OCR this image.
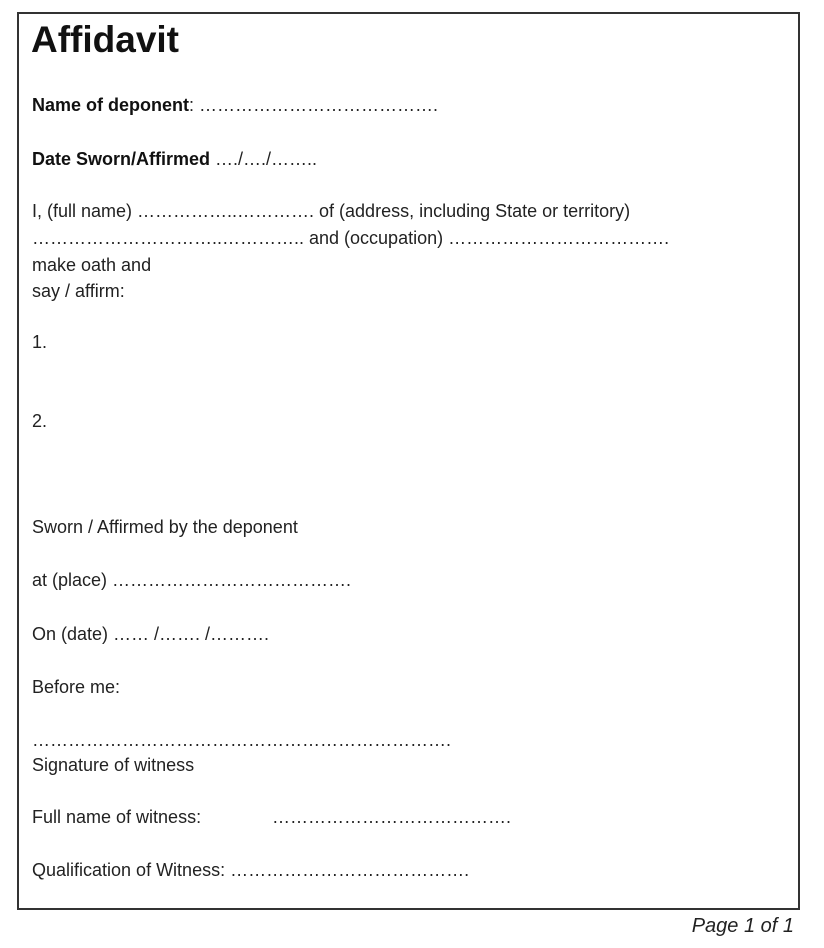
Affidavit
Name of deponent: ………………………………….
Date Sworn/Affirmed …./…./……..
I, (full name) ……………..…………. of (address, including State or territory)
…………………………..………….. and (occupation) ……………………………….
make oath and
say / affirm:
1.
2.
Sworn / Affirmed by the deponent
at (place) ………………………………….
On (date) …… /……. /……….
Before me:
…………………………………………………………….
Signature of witness
Full name of witness:	………………………………….
Qualification of Witness: ………………………………….
Page 1 of 1
